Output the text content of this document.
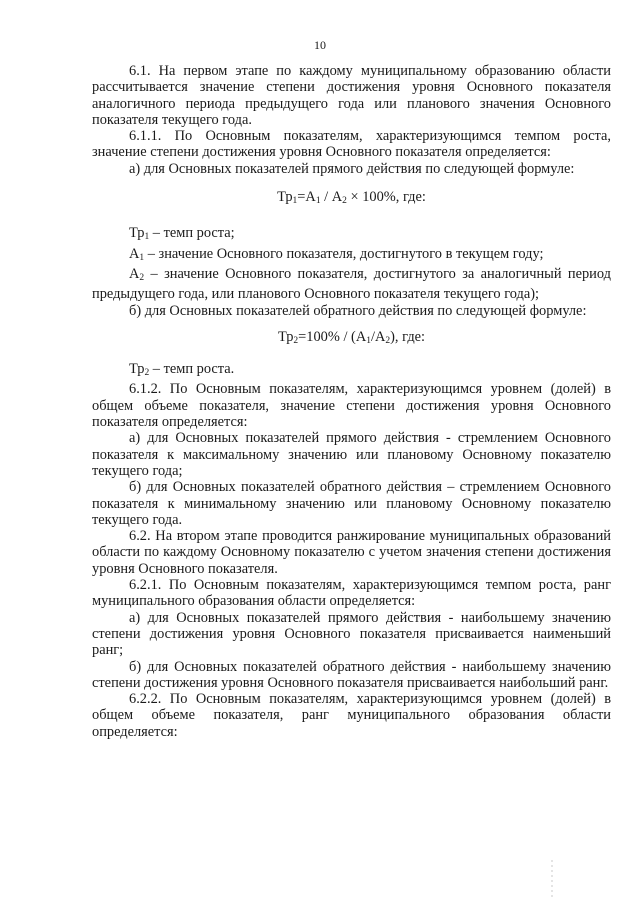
10

6.1. На первом этапе по каждому муниципальному образованию области рассчитывается значение степени достижения уровня Основного показателя аналогичного периода предыдущего года или планового значения Основного показателя текущего года.

6.1.1. По Основным показателям, характеризующимся темпом роста, значение степени достижения уровня Основного показателя определяется:

а) для Основных показателей прямого действия по следующей формуле:

$Тр_1=А_1 / А_2 \times 100\%$, где:

$Тр_1$ – темп роста;

$А_1$ – значение Основного показателя, достигнутого в текущем году;

$А_2$ – значение Основного показателя, достигнутого за аналогичный период предыдущего года, или планового Основного показателя текущего года);

б) для Основных показателей обратного действия по следующей формуле:

$Тр_2=100\% / (А_1/А_2)$, где:

$Тр_2$ – темп роста.

6.1.2. По Основным показателям, характеризующимся уровнем (долей) в общем объеме показателя, значение степени достижения уровня Основного показателя определяется:

а) для Основных показателей прямого действия - стремлением Основного показателя к максимальному значению или плановому Основному показателю текущего года;

б) для Основных показателей обратного действия – стремлением Основного показателя к минимальному значению или плановому Основному показателю текущего года.

6.2. На втором этапе проводится ранжирование муниципальных образований области по каждому Основному показателю с учетом значения степени достижения уровня Основного показателя.

6.2.1. По Основным показателям, характеризующимся темпом роста, ранг муниципального образования области определяется:

а) для Основных показателей прямого действия - наибольшему значению степени достижения уровня Основного показателя присваивается наименьший ранг;

б) для Основных показателей обратного действия - наибольшему значению степени достижения уровня Основного показателя присваивается наибольший ранг.

6.2.2. По Основным показателям, характеризующимся уровнем (долей) в общем объеме показателя, ранг муниципального образования области определяется:
